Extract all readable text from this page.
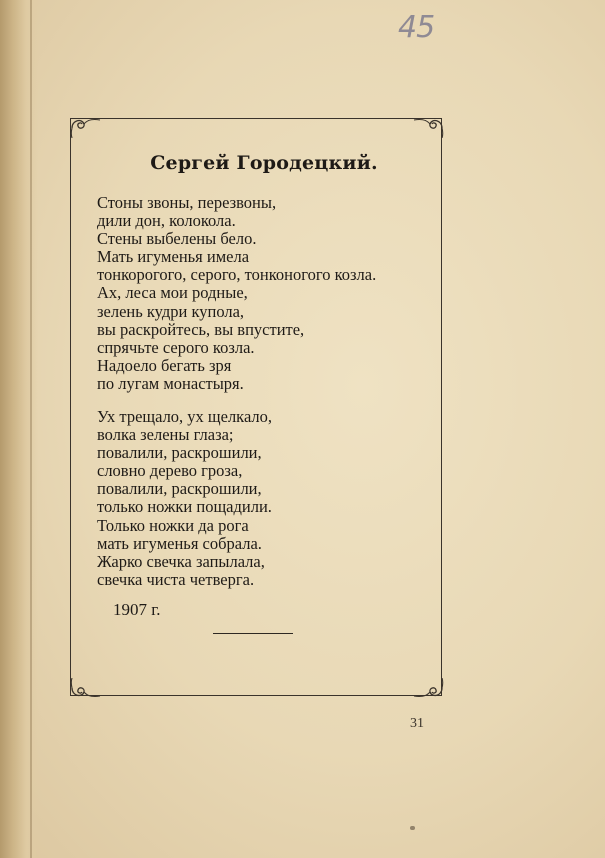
45
Сергей Городецкий.
Стоны звоны, перезвоны,
дили дон, колокола.
Стены выбелены бело.
Мать игуменья имела
тонкорогого, серого, тонконогого козла.
Ах, леса мои родные,
зелень кудри купола,
вы раскройтесь, вы впустите,
спрячьте серого козла.
Надоело бегать зря
по лугам монастыря.
Ух трещало, ух щелкало,
волка зелены глаза;
повалили, раскрошили,
словно дерево гроза,
повалили, раскрошили,
только ножки пощадили.
Только ножки да рога
мать игуменья собрала.
Жарко свечка запылала,
свечка чиста четверга.
1907 г.
31
